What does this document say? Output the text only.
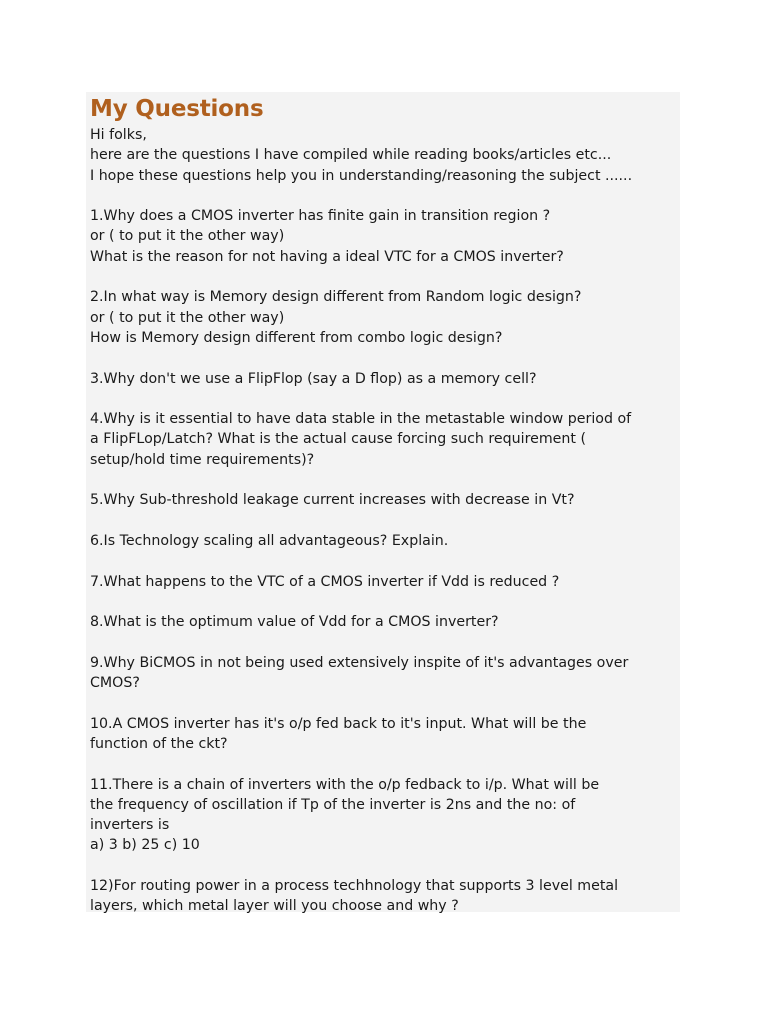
My Questions
Hi folks,
here are the questions I have compiled while reading books/articles etc...
I hope these questions help you in understanding/reasoning the subject ......
1.Why does a CMOS inverter has finite gain in transition region ?
or ( to put it the other way)
What is the reason for not having a ideal VTC for a CMOS inverter?
2.In what way is Memory design different from Random logic design?
or ( to put it the other way)
How is Memory design different from combo logic design?
3.Why don't we use a FlipFlop (say a D flop) as a memory cell?
4.Why is it essential to have data stable in the metastable window period of
a FlipFLop/Latch? What is the actual cause forcing such requirement (
setup/hold time requirements)?
5.Why Sub-threshold leakage current increases with decrease in Vt?
6.Is Technology scaling all advantageous? Explain.
7.What happens to the VTC of a CMOS inverter if Vdd is reduced ?
8.What is the optimum value of Vdd for a CMOS inverter?
9.Why BiCMOS in not being used extensively inspite of it's advantages over
CMOS?
10.A CMOS inverter has it's o/p fed back to it's input. What will be the
function of the ckt?
11.There is a chain of inverters with the o/p fedback to i/p. What will be
the frequency of oscillation if Tp of the inverter is 2ns and the no: of
inverters is
a) 3 b) 25 c) 10
12)For routing power in a process techhnology that supports 3 level metal
layers, which metal layer will you choose and why ?
